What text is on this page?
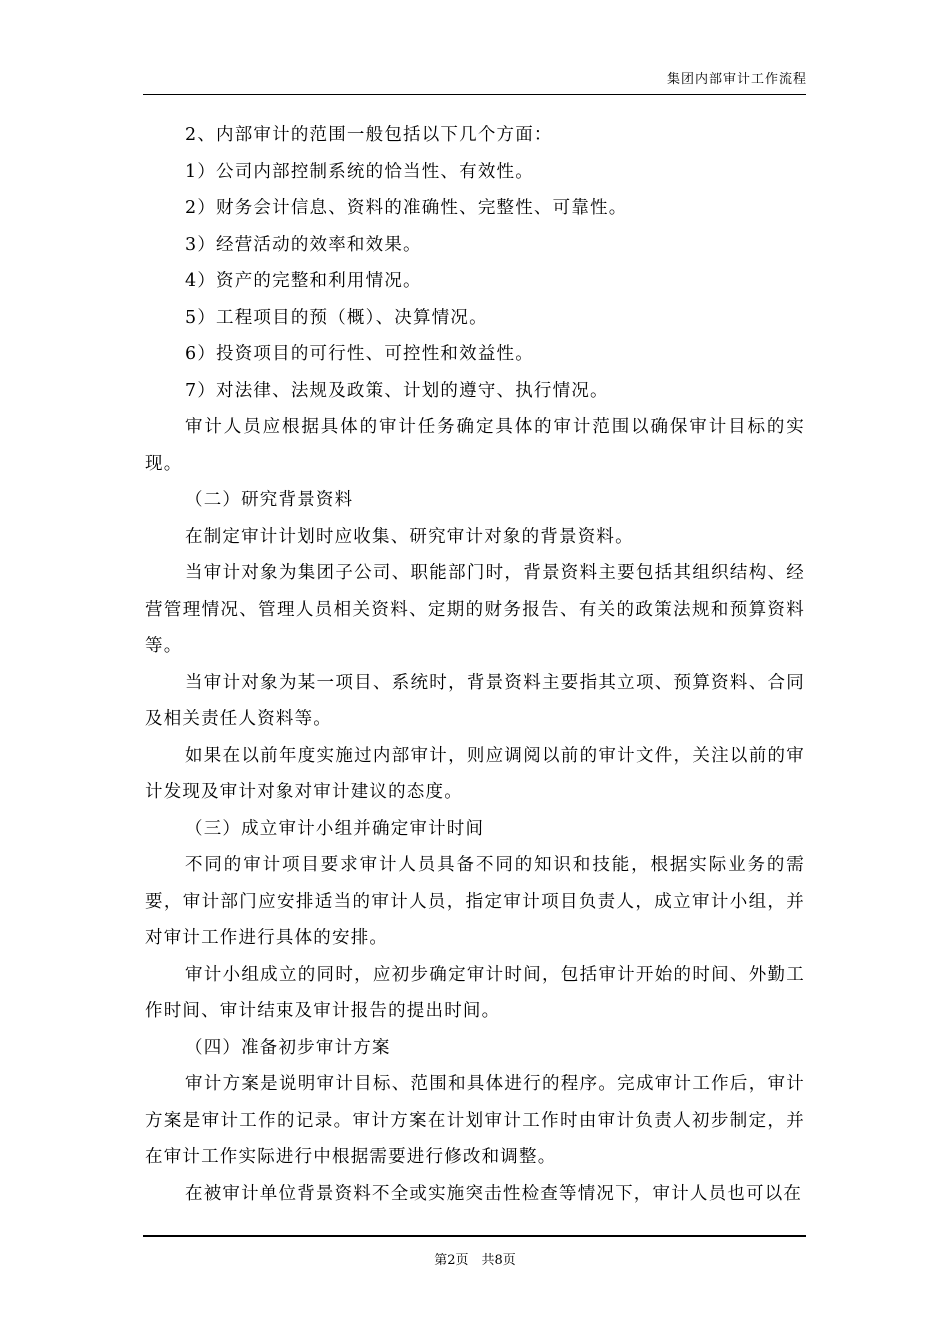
集团内部审计工作流程

2、内部审计的范围一般包括以下几个方面：

1）公司内部控制系统的恰当性、有效性。

2）财务会计信息、资料的准确性、完整性、可靠性。

3）经营活动的效率和效果。

4）资产的完整和利用情况。

5）工程项目的预（概）、决算情况。

6）投资项目的可行性、可控性和效益性。

7）对法律、法规及政策、计划的遵守、执行情况。

审计人员应根据具体的审计任务确定具体的审计范围以确保审计目标的实现。

（二）研究背景资料

在制定审计计划时应收集、研究审计对象的背景资料。

当审计对象为集团子公司、职能部门时，背景资料主要包括其组织结构、经营管理情况、管理人员相关资料、定期的财务报告、有关的政策法规和预算资料等。

当审计对象为某一项目、系统时，背景资料主要指其立项、预算资料、合同及相关责任人资料等。

如果在以前年度实施过内部审计，则应调阅以前的审计文件，关注以前的审计发现及审计对象对审计建议的态度。

（三）成立审计小组并确定审计时间

不同的审计项目要求审计人员具备不同的知识和技能，根据实际业务的需要，审计部门应安排适当的审计人员，指定审计项目负责人，成立审计小组，并对审计工作进行具体的安排。

审计小组成立的同时，应初步确定审计时间，包括审计开始的时间、外勤工作时间、审计结束及审计报告的提出时间。

（四）准备初步审计方案

审计方案是说明审计目标、范围和具体进行的程序。完成审计工作后，审计方案是审计工作的记录。审计方案在计划审计工作时由审计负责人初步制定，并在审计工作实际进行中根据需要进行修改和调整。

在被审计单位背景资料不全或实施突击性检查等情况下，审计人员也可以在

第2页　共8页
